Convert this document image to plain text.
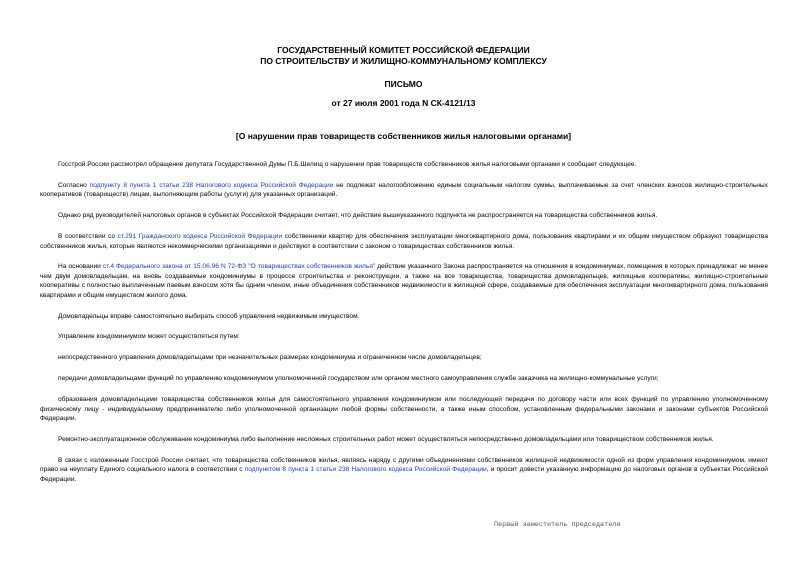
ГОСУДАРСТВЕННЫЙ КОМИТЕТ РОССИЙСКОЙ ФЕДЕРАЦИИ
ПО СТРОИТЕЛЬСТВУ И ЖИЛИЩНО-КОММУНАЛЬНОМУ КОМПЛЕКСУ
ПИСЬМО
от 27 июля 2001 года N СК-4121/13
[О нарушении прав товариществ собственников жилья налоговыми органами]

Госстрой России рассмотрел обращение депутата Государственной Думы П.Б.Шелищ о нарушении прав товариществ собственников жилья налоговыми органами и сообщает следующее.

Согласно подпункту 8 пункта 1 статьи 238 Налогового кодекса Российской Федерации не подлежат налогообложению единым социальным налогом суммы, выплачиваемые за счет членских взносов жилищно-строительных кооперативов (товариществ) лицам, выполняющим работы (услуги) для указанных организаций.

Однако ряд руководителей налоговых органов в субъектах Российской Федерации считает, что действие вышеуказанного подпункта не распространяется на товарищества собственников жилья.

В соответствии со ст.291 Гражданского кодекса Российской Федерации собственники квартир для обеспечения эксплуатации многоквартирного дома, пользования квартирами и их общим имуществом образуют товарищества собственников жилья, которые являются некоммерческими организациями и действуют в соответствии с законом о товариществах собственников жилья.

На основании ст.4 Федерального закона от 15.06.96 N 72-ФЗ "О товариществах собственников жилья" действие указанного Закона распространяется на отношения в кондоминиумах, помещения в которых принадлежат не менее чем двум домовладельцам, на вновь создаваемые кондоминиумы в процессе строительства и реконструкции, а также на все товарищества, товарищества домовладельцев, жилищные кооперативы, жилищно-строительные кооперативы с полностью выплаченным паевым взносом хотя бы одним членом, иные объединения собственников недвижимости в жилищной сфере, создаваемые для обеспечения эксплуатации многоквартирного дома, пользования квартирами и общим имуществом жилого дома.

Домовладельцы вправе самостоятельно выбирать способ управления недвижимым имуществом.

Управление кондоминиумом может осуществляться путем:

непосредственного управления домовладельцами при незначительных размерах кондоминиума и ограниченном числе домовладельцев;

передачи домовладельцами функций по управлению кондоминиумом уполномоченной государством или органом местного самоуправления службе заказчика на жилищно-коммунальные услуги;

образования домовладельцами товарищества собственников жилья для самостоятельного управления кондоминиумом или последующей передачи по договору части или всех функций по управлению уполномоченному физическому лицу - индивидуальному предпринимателю либо уполномоченной организации любой формы собственности, а также иным способом, установленным федеральными законами и законами субъектов Российской Федерации.

Ремонтно-эксплуатационное обслуживание кондоминиума либо выполнение несложных строительных работ может осуществляться непосредственно домовладельцами или товариществом собственников жилья.

В связи с изложенным Госстрой России считает, что товарищества собственников жилья, являясь наряду с другими объединениями собственников жилищной недвижимости одной из форм управления кондоминиумом, имеют право на неуплату Единого социального налога в соответствии с подпунктом 8 пункта 1 статьи 238 Налогового кодекса Российской Федерации, и просит довести указанную информацию до налоговых органов в субъектах Российской Федерации.

Первый заместитель председателя
